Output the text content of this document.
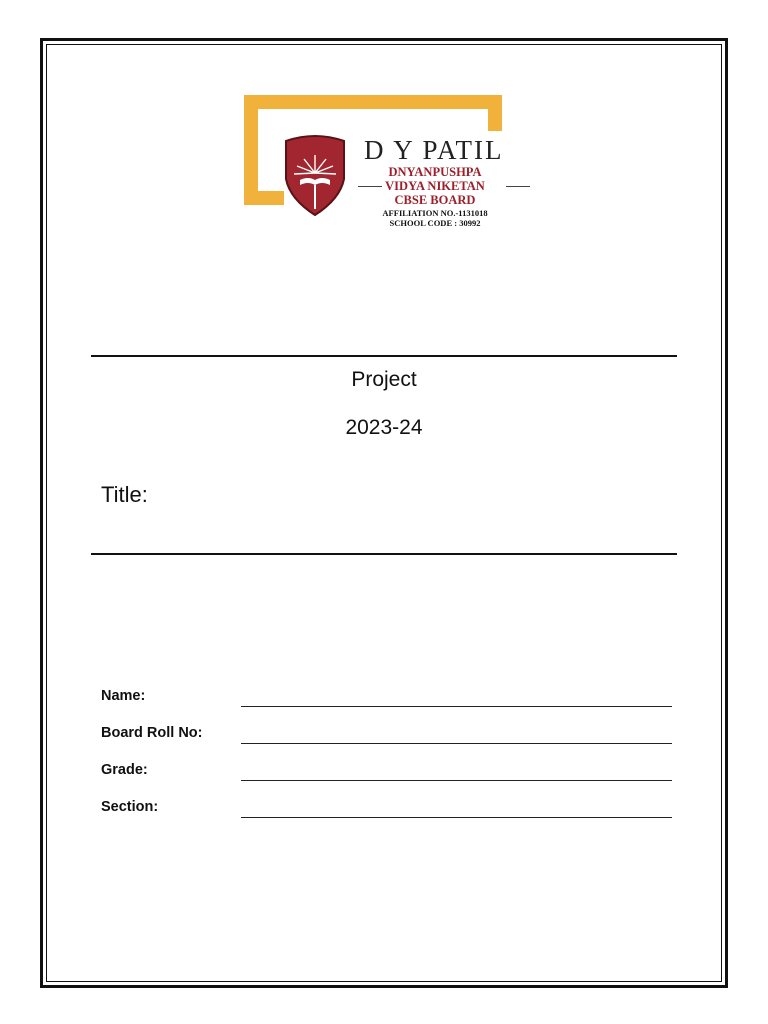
D Y PATIL
DNYANPUSHPA
VIDYA NIKETAN
CBSE BOARD
AFFILIATION NO.-1131018
SCHOOL CODE : 30992
Project
2023-24
Title:
Name:
Board Roll No:
Grade:
Section:
